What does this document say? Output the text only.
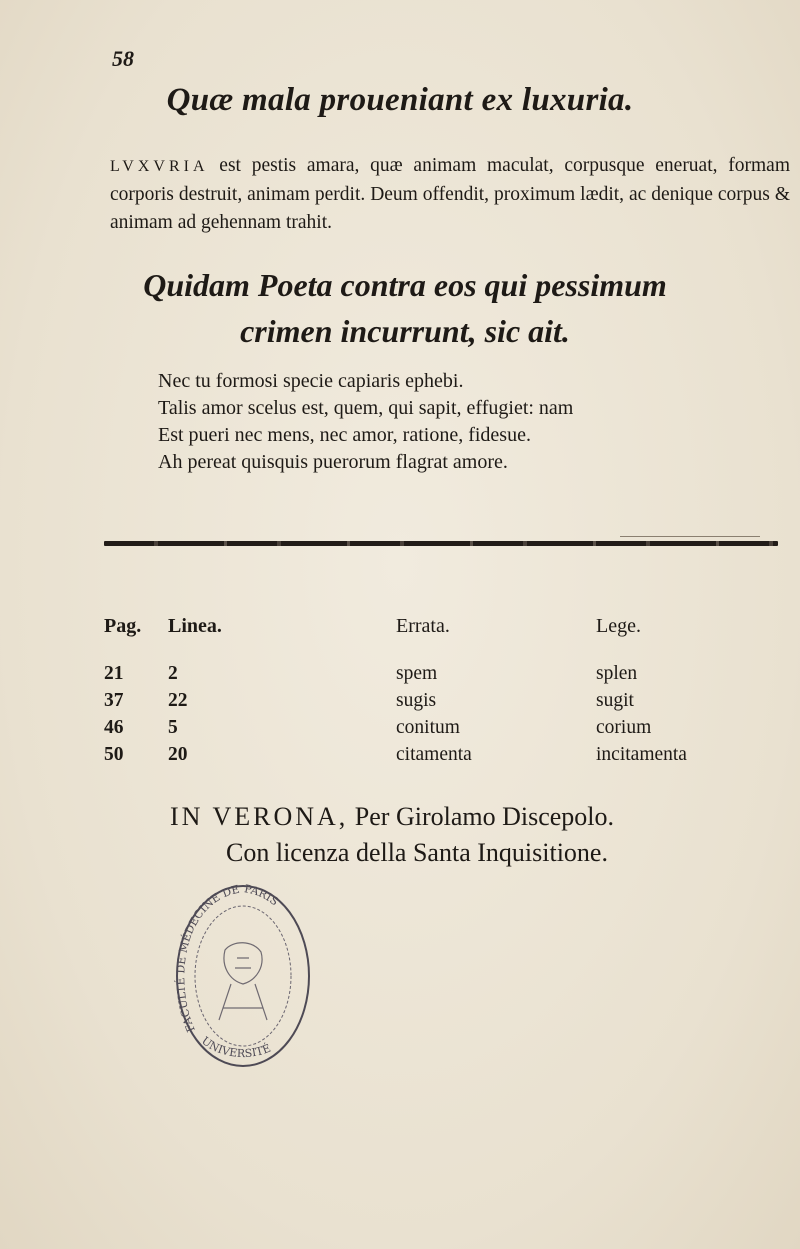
58
Quæ mala proueniant ex luxuria.
LVXVRIA est pestis amara, quæ animam maculat, corpusque eneruat, formam corporis destruit, animam perdit. Deum offendit, proximum lædit, ac denique corpus & animam ad gehennam trahit.
Quidam Poeta contra eos qui pessimum
crimen incurrunt, sic ait.
Nec tu formosi specie capiaris ephebi.
Talis amor scelus est, quem, qui sapit, effugiet: nam
Est pueri nec mens, nec amor, ratione, fidesue.
Ah pereat quisquis puerorum flagrat amore.
Pag. Linea.	Errata.	Lege.
21 2	spem	splen
37 22	sugis	sugit
46 5	conitum	corium
50 20	citamenta	incitamenta
IN VERONA, Per Girolamo Discepolo.
Con licenza della Santa Inquisitione.
FACULTÉ DE MÉDECINE DE PARIS
UNIVERSITÉ
